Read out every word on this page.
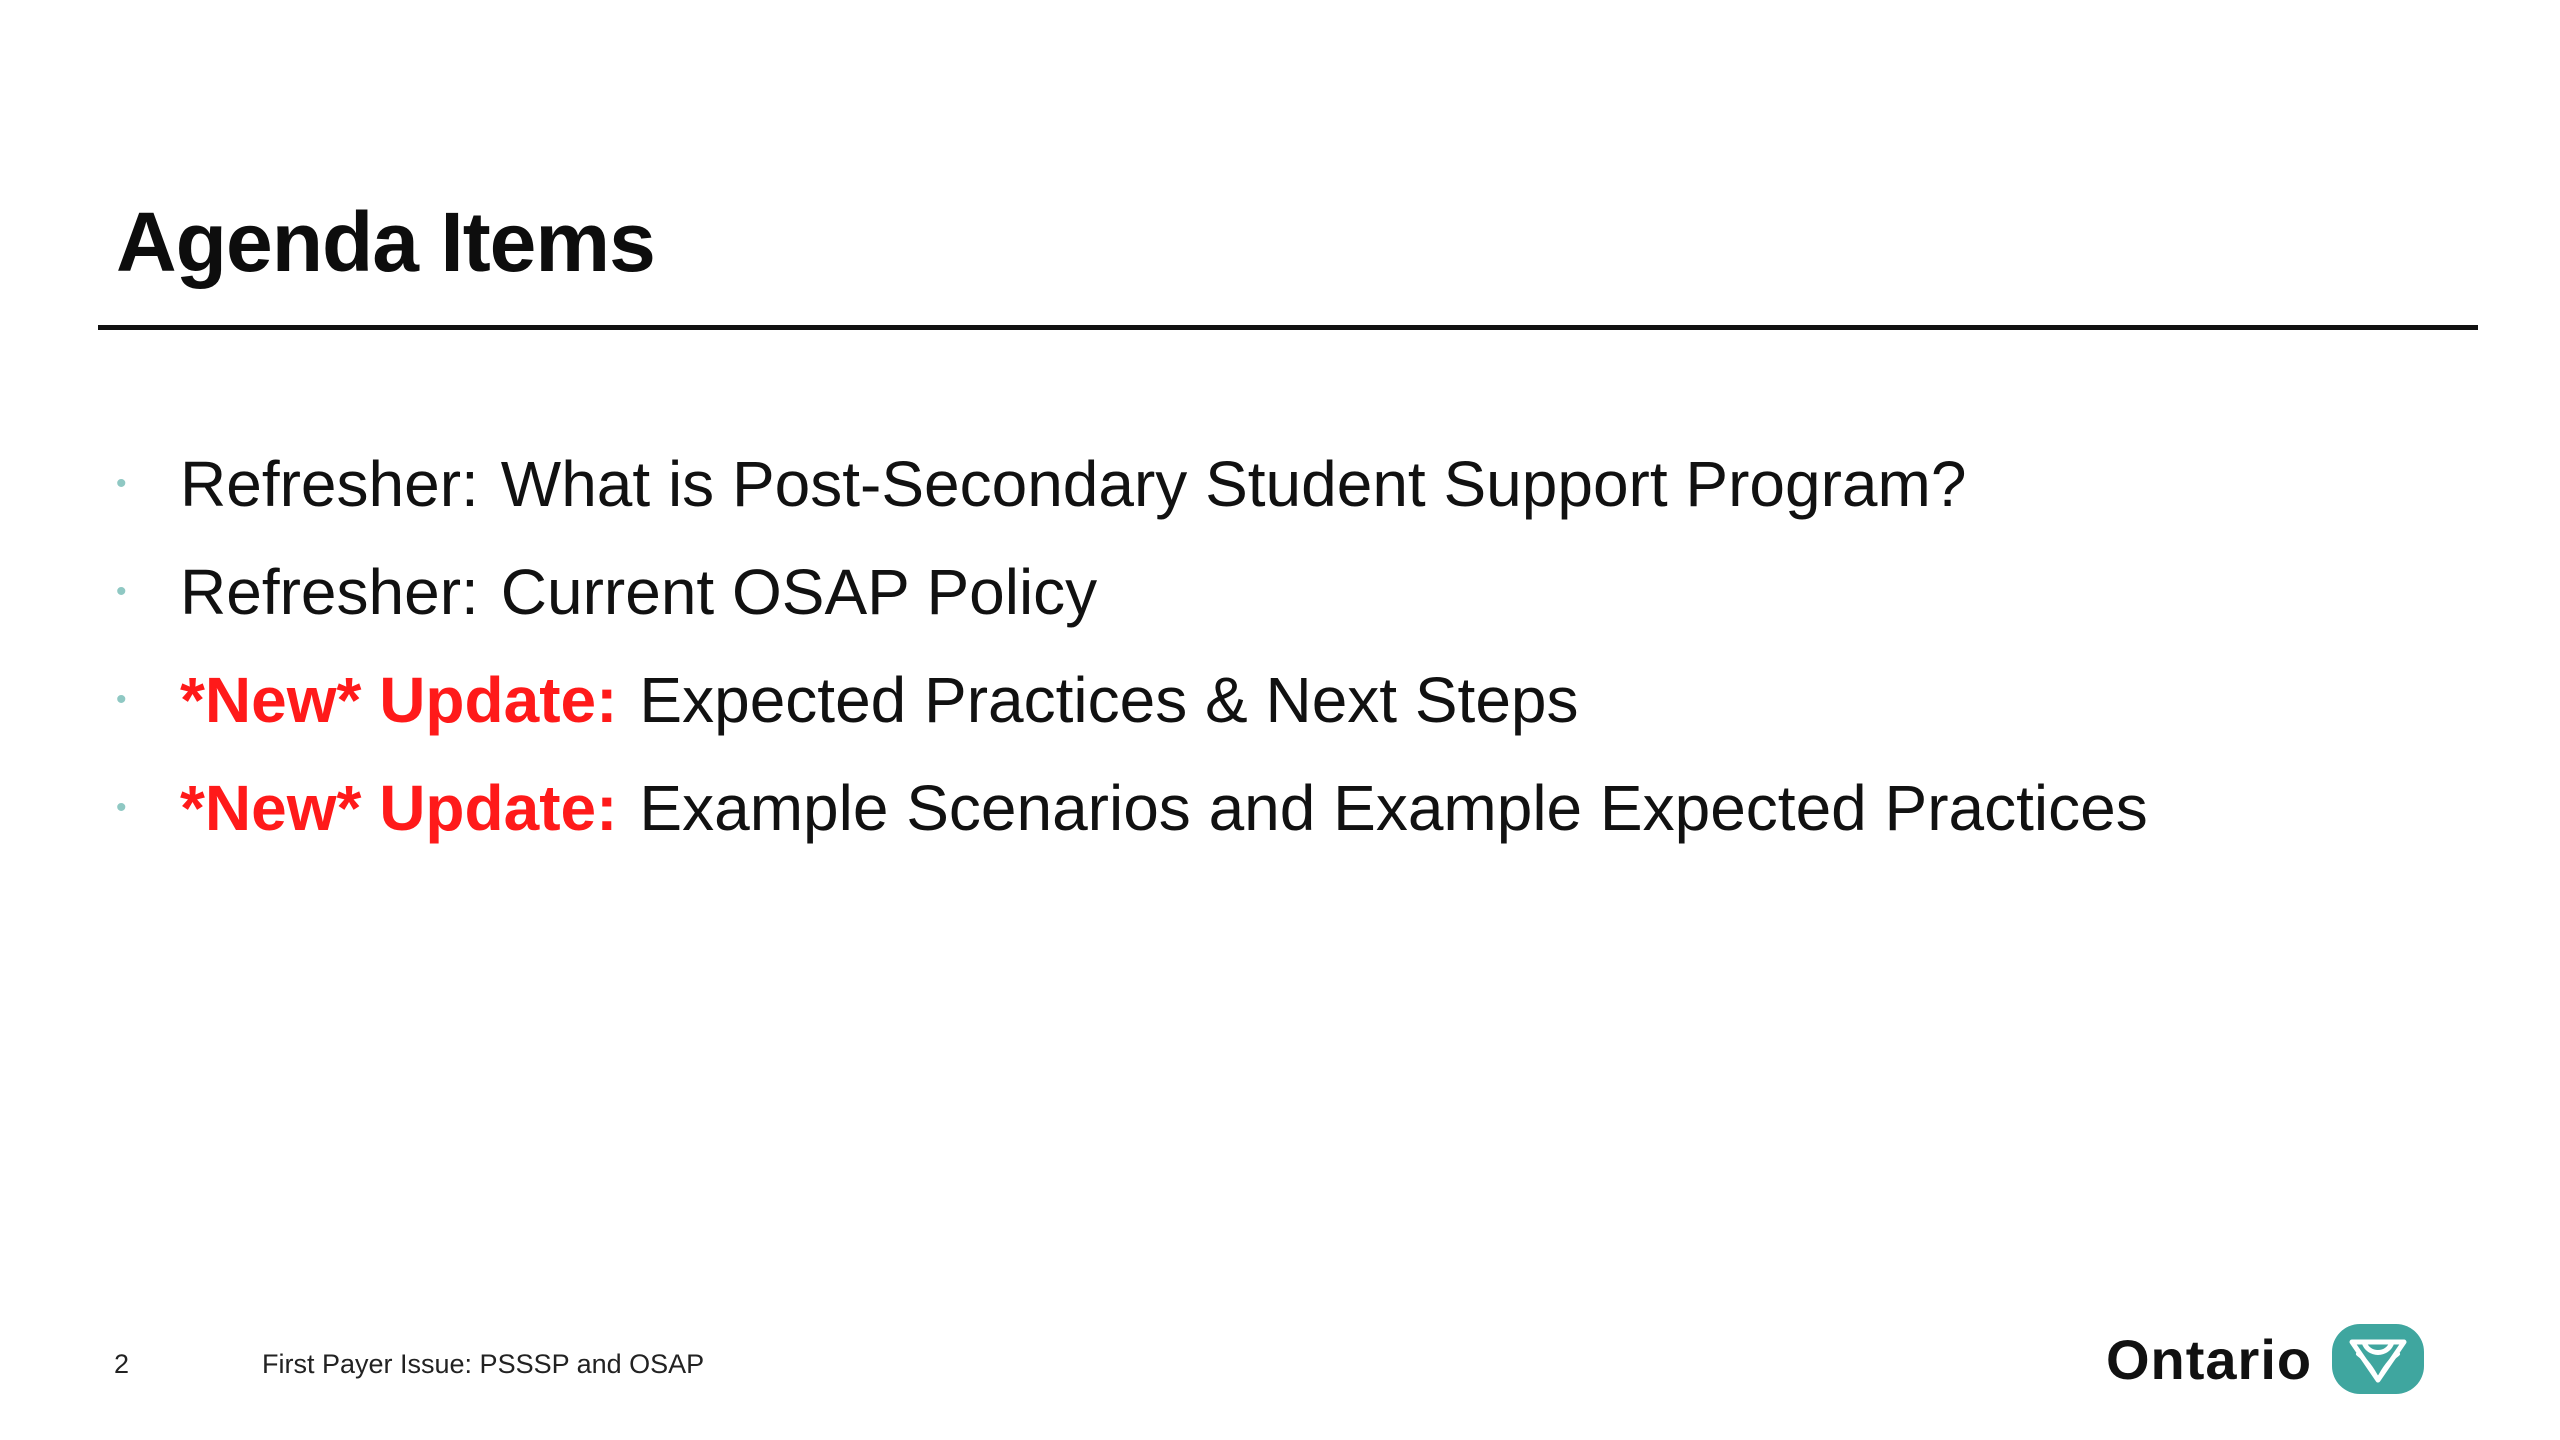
Agenda Items
• Refresher: What is Post-Secondary Student Support Program?
• Refresher: Current OSAP Policy
• *New* Update: Expected Practices & Next Steps
• *New* Update: Example Scenarios and Example Expected Practices
2	First Payer Issue: PSSSP and OSAP	Ontario
